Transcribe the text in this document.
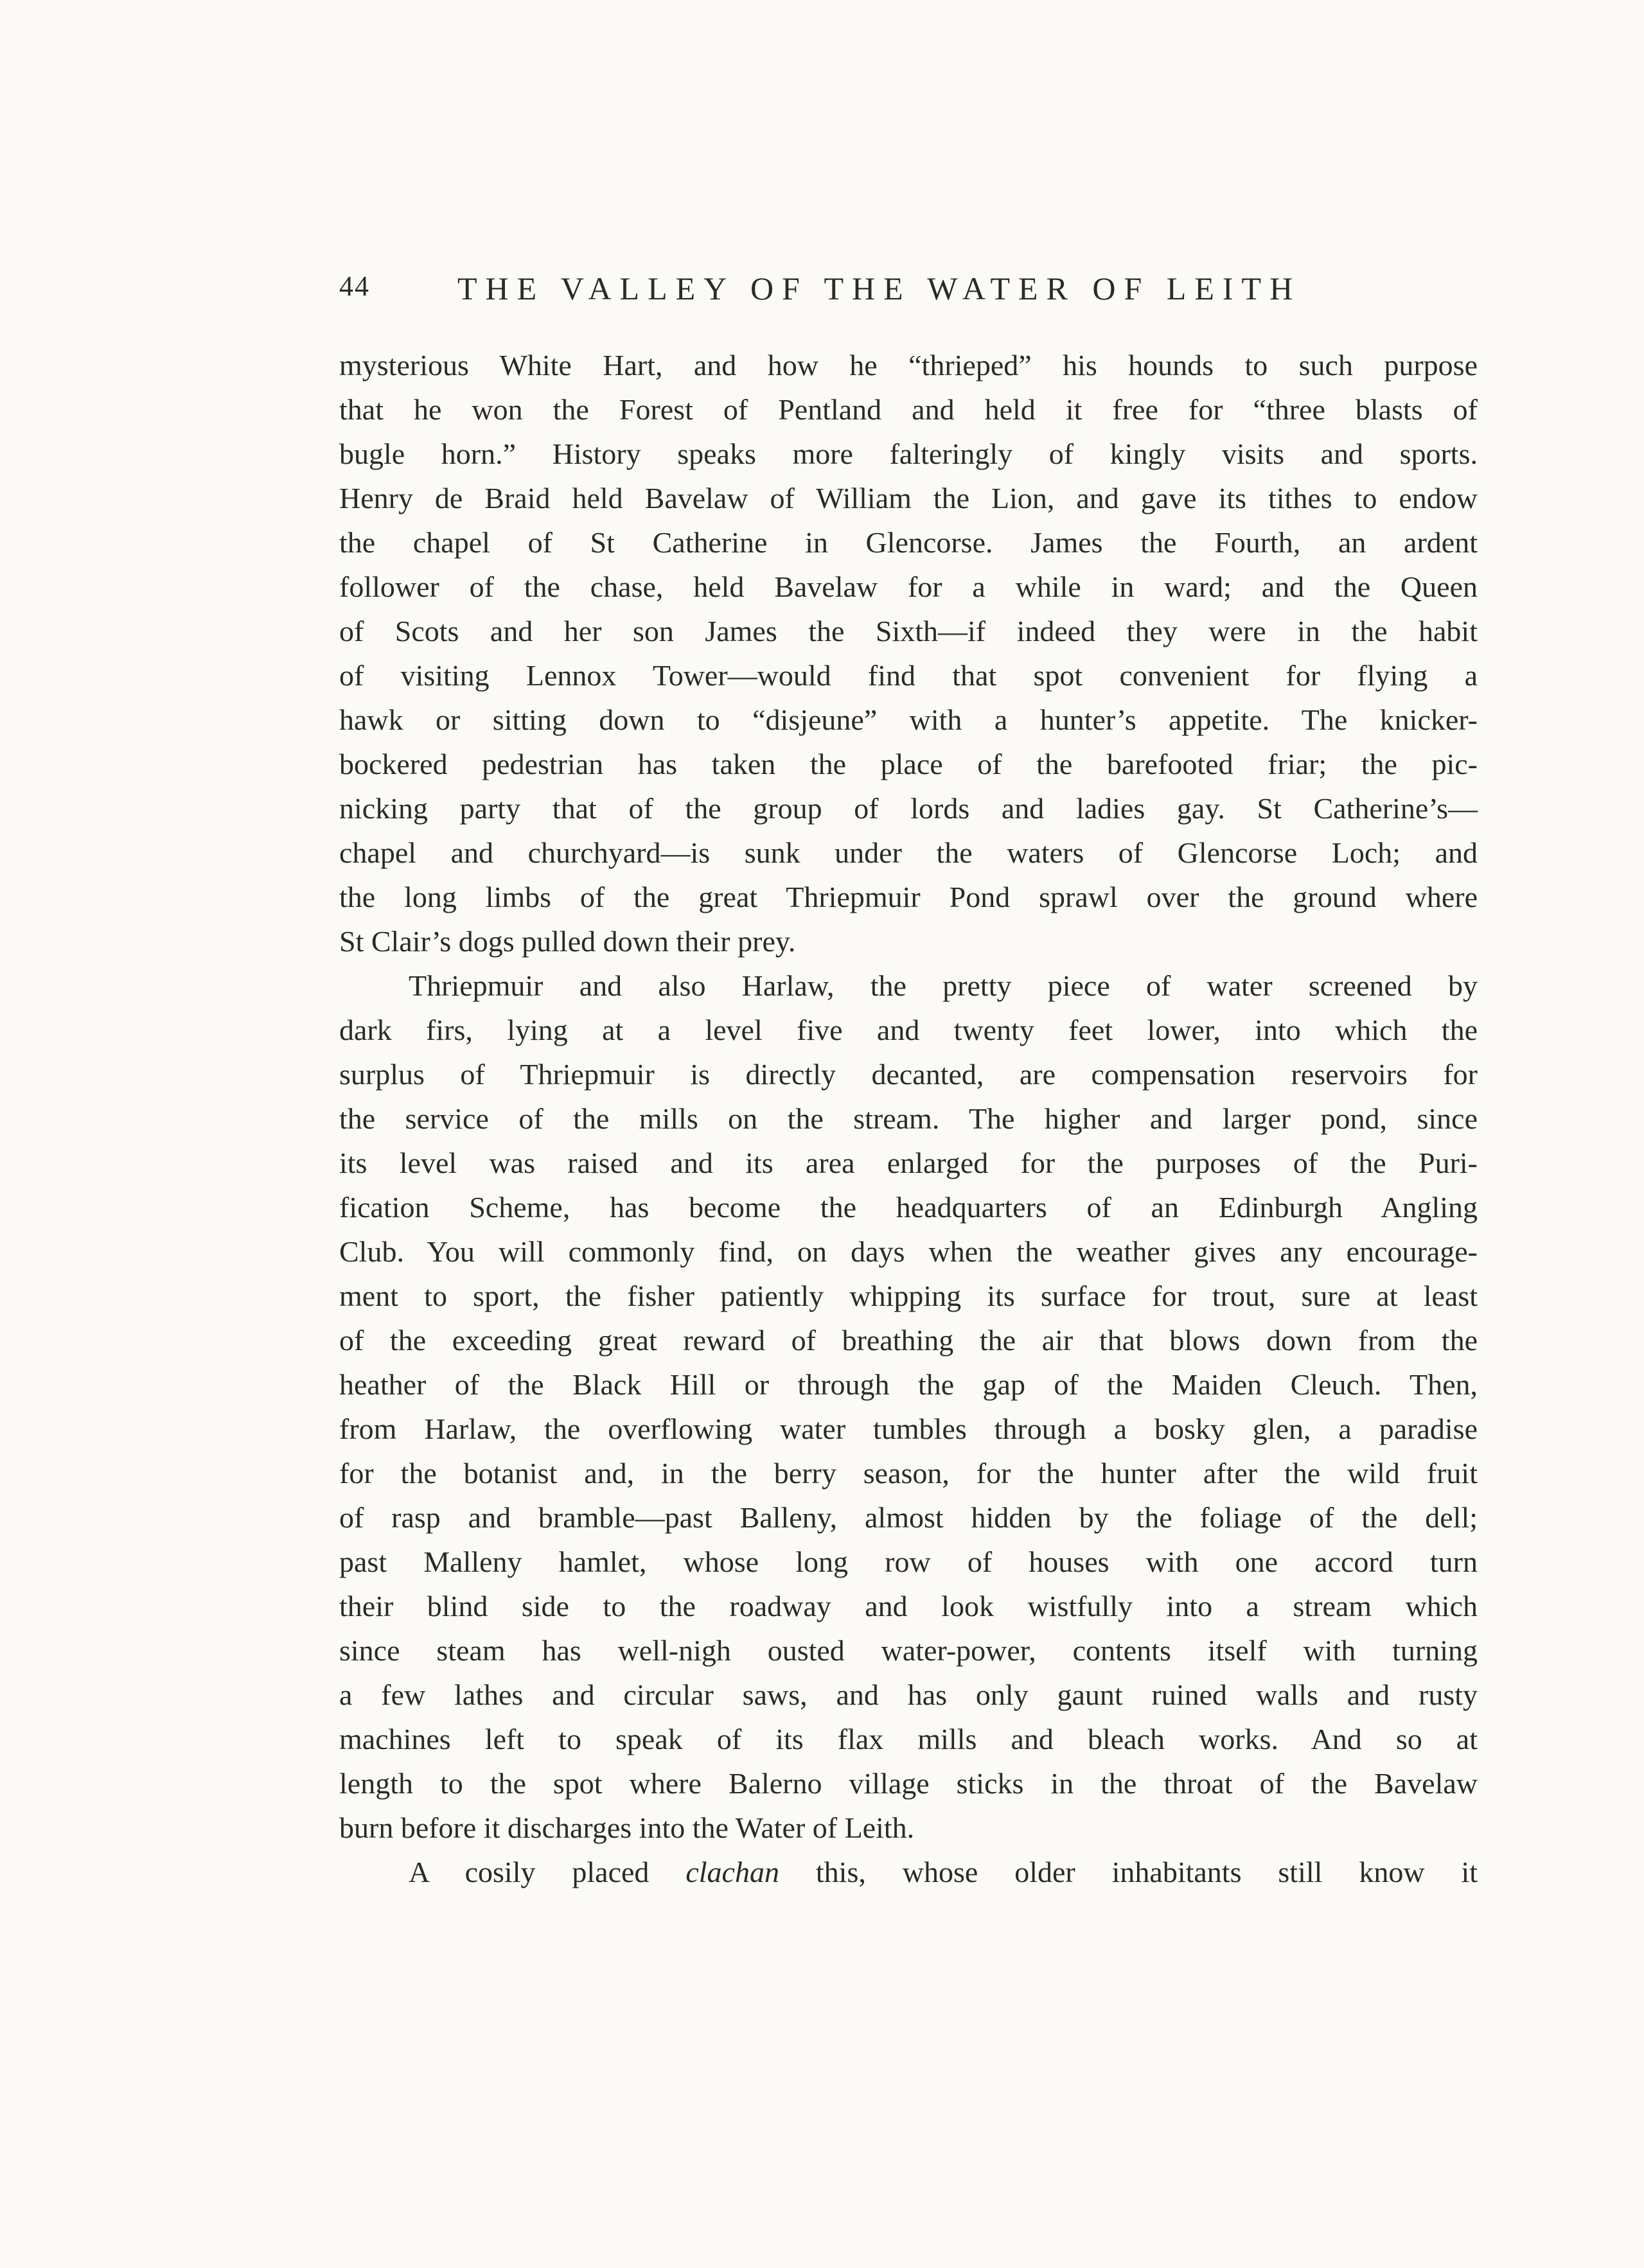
44	THE VALLEY OF THE WATER OF LEITH
mysterious White Hart, and how he “thrieped” his hounds to such purpose
that he won the Forest of Pentland and held it free for “three blasts of
bugle horn.” History speaks more falteringly of kingly visits and sports.
Henry de Braid held Bavelaw of William the Lion, and gave its tithes to endow
the chapel of St Catherine in Glencorse. James the Fourth, an ardent
follower of the chase, held Bavelaw for a while in ward; and the Queen
of Scots and her son James the Sixth—if indeed they were in the habit
of visiting Lennox Tower—would find that spot convenient for flying a
hawk or sitting down to “disjeune” with a hunter’s appetite. The knicker-
bockered pedestrian has taken the place of the barefooted friar; the pic-
nicking party that of the group of lords and ladies gay. St Catherine’s—
chapel and churchyard—is sunk under the waters of Glencorse Loch; and
the long limbs of the great Thriepmuir Pond sprawl over the ground where
St Clair’s dogs pulled down their prey.
Thriepmuir and also Harlaw, the pretty piece of water screened by
dark firs, lying at a level five and twenty feet lower, into which the
surplus of Thriepmuir is directly decanted, are compensation reservoirs for
the service of the mills on the stream. The higher and larger pond, since
its level was raised and its area enlarged for the purposes of the Puri-
fication Scheme, has become the headquarters of an Edinburgh Angling
Club. You will commonly find, on days when the weather gives any encourage-
ment to sport, the fisher patiently whipping its surface for trout, sure at least
of the exceeding great reward of breathing the air that blows down from the
heather of the Black Hill or through the gap of the Maiden Cleuch. Then,
from Harlaw, the overflowing water tumbles through a bosky glen, a paradise
for the botanist and, in the berry season, for the hunter after the wild fruit
of rasp and bramble—past Balleny, almost hidden by the foliage of the dell;
past Malleny hamlet, whose long row of houses with one accord turn
their blind side to the roadway and look wistfully into a stream which
since steam has well-nigh ousted water-power, contents itself with turning
a few lathes and circular saws, and has only gaunt ruined walls and rusty
machines left to speak of its flax mills and bleach works. And so at
length to the spot where Balerno village sticks in the throat of the Bavelaw
burn before it discharges into the Water of Leith.
A cosily placed clachan this, whose older inhabitants still know it
